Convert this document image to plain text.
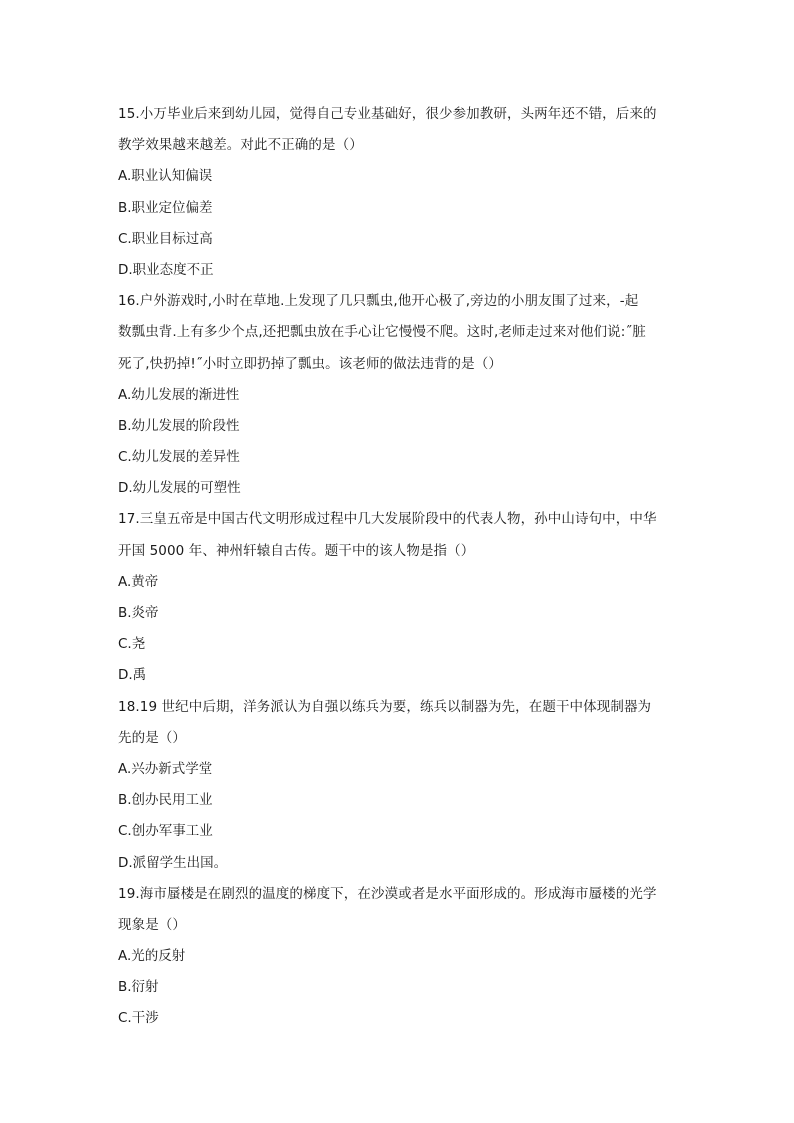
15.小万毕业后来到幼儿园，觉得自己专业基础好，很少参加教研，头两年还不错，后来的
教学效果越来越差。对此不正确的是（）
A.职业认知偏误
B.职业定位偏差
C.职业目标过高
D.职业态度不正
16.户外游戏时,小时在草地.上发现了几只瓢虫,他开心极了,旁边的小朋友围了过来，-起
数瓢虫背.上有多少个点,还把瓢虫放在手心让它慢慢不爬。这时,老师走过来对他们说:˝脏
死了,快扔掉!˝小时立即扔掉了瓢虫。该老师的做法违背的是（）
A.幼儿发展的渐进性
B.幼儿发展的阶段性
C.幼儿发展的差异性
D.幼儿发展的可塑性
17.三皇五帝是中国古代文明形成过程中几大发展阶段中的代表人物，孙中山诗句中，中华
开国 5000 年、神州轩辕自古传。题干中的该人物是指（）
A.黄帝
B.炎帝
C.尧
D.禹
18.19 世纪中后期，洋务派认为自强以练兵为要，练兵以制器为先，在题干中体现制器为
先的是（）
A.兴办新式学堂
B.创办民用工业
C.创办军事工业
D.派留学生出国。
19.海市蜃楼是在剧烈的温度的梯度下，在沙漠或者是水平面形成的。形成海市蜃楼的光学
现象是（）
A.光的反射
B.衍射
C.干涉
